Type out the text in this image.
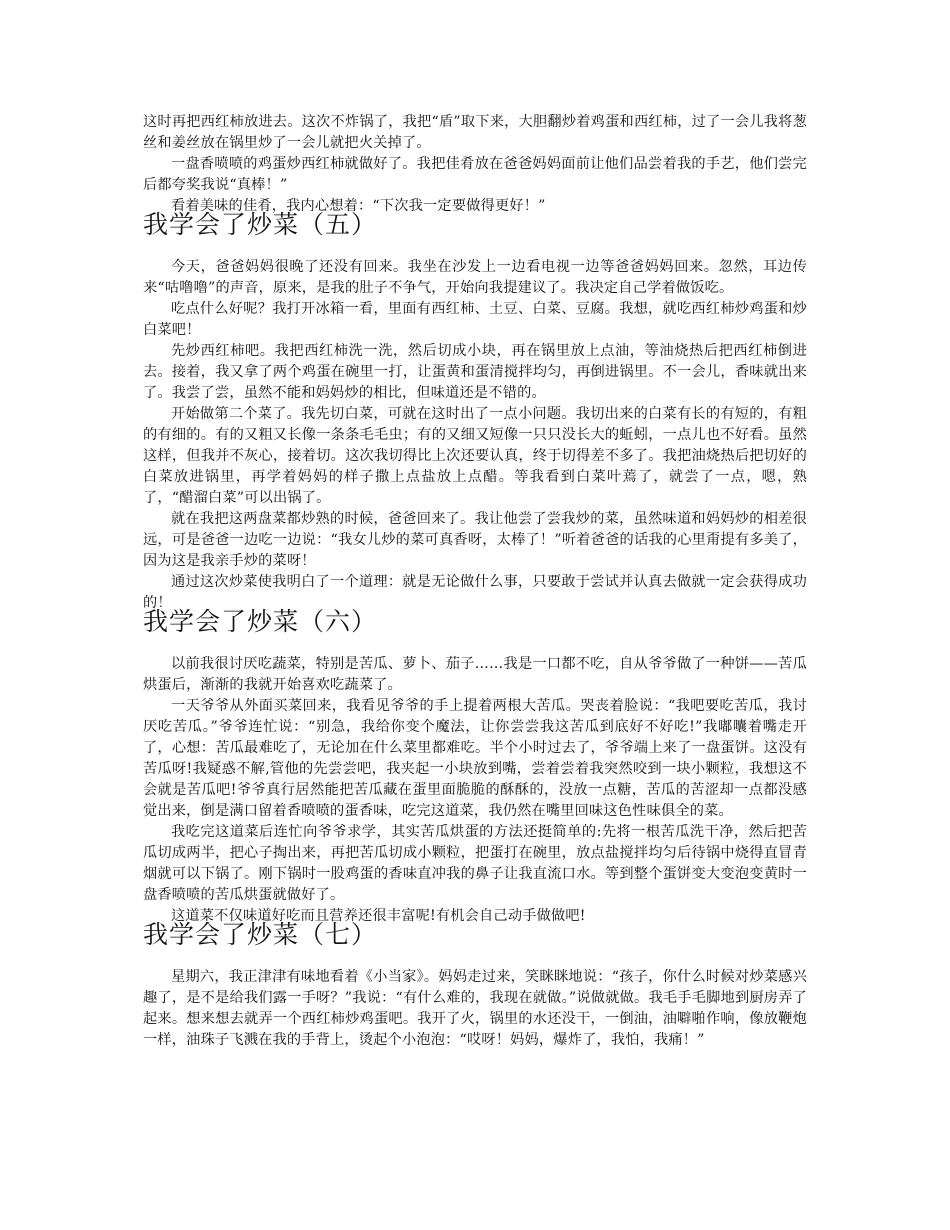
这时再把西红柿放进去。这次不炸锅了，我把“盾”取下来，大胆翻炒着鸡蛋和西红柿，过了一会儿我将葱丝和姜丝放在锅里炒了一会儿就把火关掉了。

一盘香喷喷的鸡蛋炒西红柿就做好了。我把佳肴放在爸爸妈妈面前让他们品尝着我的手艺，他们尝完后都夸奖我说“真棒！”

看着美味的佳肴，我内心想着：“下次我一定要做得更好！”

我学会了炒菜（五）

今天，爸爸妈妈很晚了还没有回来。我坐在沙发上一边看电视一边等爸爸妈妈回来。忽然，耳边传来“咕噜噜”的声音，原来，是我的肚子不争气，开始向我提建议了。我决定自己学着做饭吃。

吃点什么好呢？我打开冰箱一看，里面有西红柿、土豆、白菜、豆腐。我想，就吃西红柿炒鸡蛋和炒白菜吧！

先炒西红柿吧。我把西红柿洗一洗，然后切成小块，再在锅里放上点油，等油烧热后把西红柿倒进去。接着，我又拿了两个鸡蛋在碗里一打，让蛋黄和蛋清搅拌均匀，再倒进锅里。不一会儿，香味就出来了。我尝了尝，虽然不能和妈妈炒的相比，但味道还是不错的。

开始做第二个菜了。我先切白菜，可就在这时出了一点小问题。我切出来的白菜有长的有短的，有粗的有细的。有的又粗又长像一条条毛毛虫；有的又细又短像一只只没长大的蚯蚓，一点儿也不好看。虽然这样，但我并不灰心，接着切。这次我切得比上次还要认真，终于切得差不多了。我把油烧热后把切好的白菜放进锅里，再学着妈妈的样子撒上点盐放上点醋。等我看到白菜叶蔫了，就尝了一点，嗯，熟了，“醋溜白菜”可以出锅了。

就在我把这两盘菜都炒熟的时候，爸爸回来了。我让他尝了尝我炒的菜，虽然味道和妈妈炒的相差很远，可是爸爸一边吃一边说：“我女儿炒的菜可真香呀，太棒了！”听着爸爸的话我的心里甭提有多美了，因为这是我亲手炒的菜呀！

通过这次炒菜使我明白了一个道理：就是无论做什么事，只要敢于尝试并认真去做就一定会获得成功的！

我学会了炒菜（六）

以前我很讨厌吃蔬菜，特别是苦瓜、萝卜、茄子……我是一口都不吃，自从爷爷做了一种饼——苦瓜烘蛋后，渐渐的我就开始喜欢吃蔬菜了。

一天爷爷从外面买菜回来，我看见爷爷的手上提着两根大苦瓜。哭丧着脸说：“我吧要吃苦瓜，我讨厌吃苦瓜。”爷爷连忙说：“别急，我给你变个魔法，让你尝尝我这苦瓜到底好不好吃!”我嘟囔着嘴走开了，心想：苦瓜最难吃了，无论加在什么菜里都难吃。半个小时过去了，爷爷端上来了一盘蛋饼。这没有苦瓜呀!我疑惑不解,管他的先尝尝吧，我夹起一小块放到嘴，尝着尝着我突然咬到一块小颗粒，我想这不会就是苦瓜吧!爷爷真行居然能把苦瓜藏在蛋里面脆脆的酥酥的，没放一点糖，苦瓜的苦涩却一点都没感觉出来，倒是满口留着香喷喷的蛋香味，吃完这道菜，我仍然在嘴里回味这色性味俱全的菜。

我吃完这道菜后连忙向爷爷求学，其实苦瓜烘蛋的方法还挺简单的:先将一根苦瓜洗干净，然后把苦瓜切成两半，把心子掏出来，再把苦瓜切成小颗粒，把蛋打在碗里，放点盐搅拌均匀后待锅中烧得直冒青烟就可以下锅了。刚下锅时一股鸡蛋的香味直冲我的鼻子让我直流口水。等到整个蛋饼变大变泡变黄时一盘香喷喷的苦瓜烘蛋就做好了。

这道菜不仅味道好吃而且营养还很丰富呢!有机会自己动手做做吧!

我学会了炒菜（七）

星期六，我正津津有味地看着《小当家》。妈妈走过来，笑眯眯地说：“孩子，你什么时候对炒菜感兴趣了，是不是给我们露一手呀？”我说：“有什么难的，我现在就做。”说做就做。我毛手毛脚地到厨房弄了起来。想来想去就弄一个西红柿炒鸡蛋吧。我开了火，锅里的水还没干，一倒油，油噼啪作响，像放鞭炮一样，油珠子飞溅在我的手背上，烫起个小泡泡：“哎呀！妈妈，爆炸了，我怕，我痛！”
